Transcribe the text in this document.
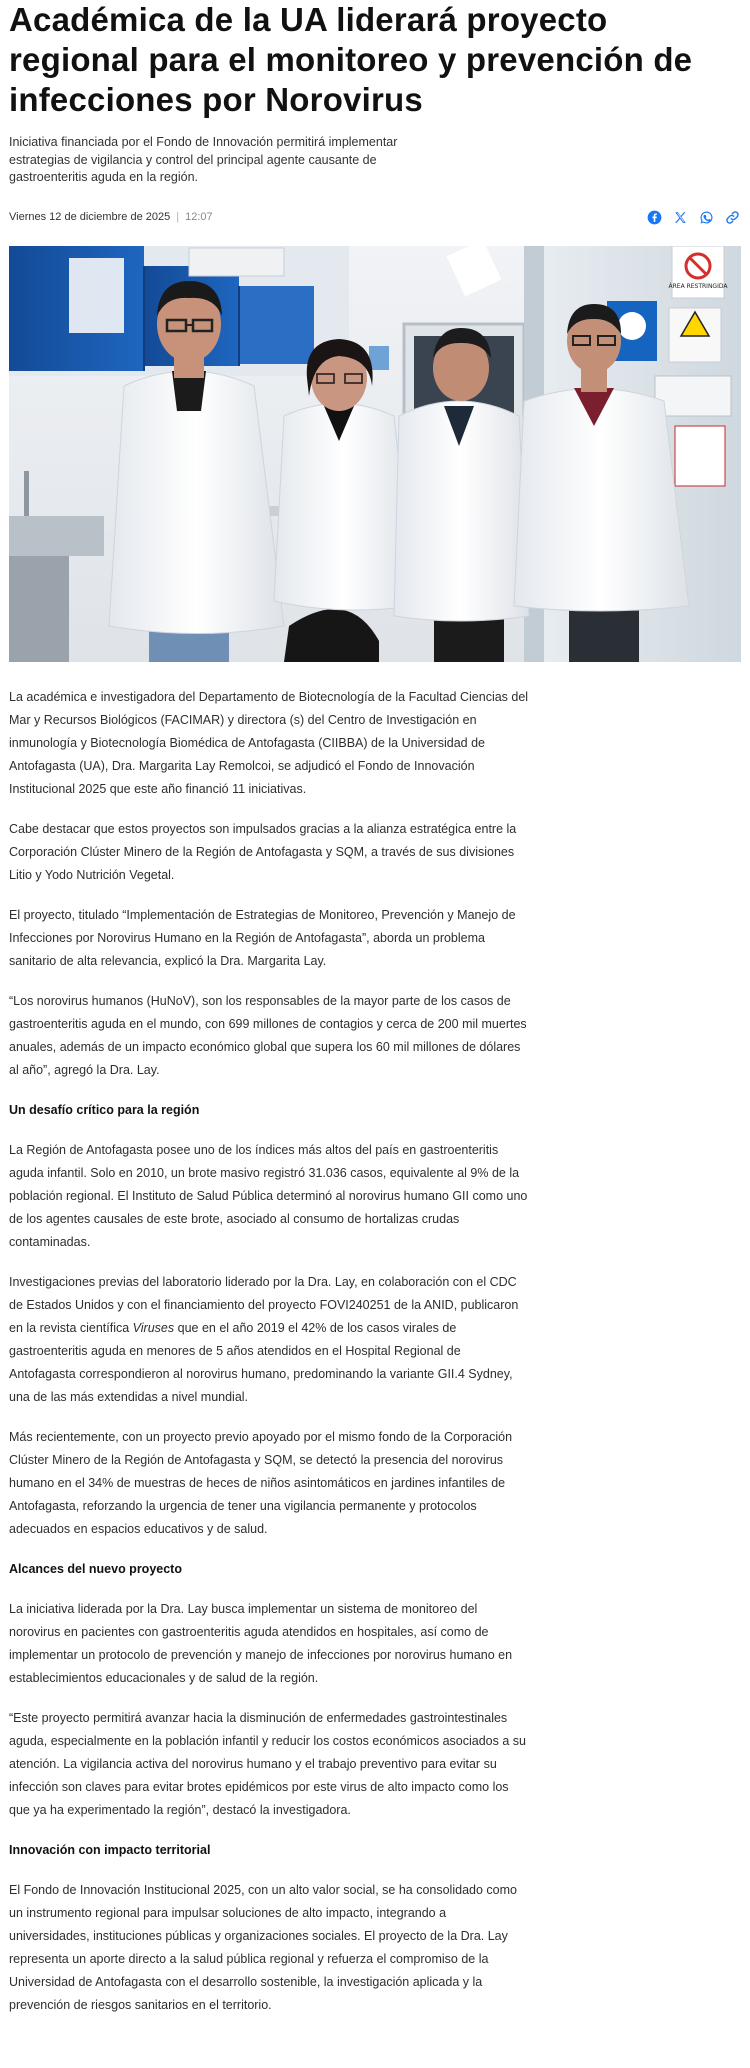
Académica de la UA liderará proyecto regional para el monitoreo y prevención de infecciones por Norovirus

Iniciativa financiada por el Fondo de Innovación permitirá implementar estrategias de vigilancia y control del principal agente causante de gastroenteritis aguda en la región.

Viernes 12 de diciembre de 2025 | 12:07
ÁREA RESTRINGIDA

La académica e investigadora del Departamento de Biotecnología de la Facultad Ciencias del Mar y Recursos Biológicos (FACIMAR) y directora (s) del Centro de Investigación en inmunología y Biotecnología Biomédica de Antofagasta (CIIBBA) de la Universidad de Antofagasta (UA), Dra. Margarita Lay Remolcoi, se adjudicó el Fondo de Innovación Institucional 2025 que este año financió 11 iniciativas.

Cabe destacar que estos proyectos son impulsados gracias a la alianza estratégica entre la Corporación Clúster Minero de la Región de Antofagasta y SQM, a través de sus divisiones Litio y Yodo Nutrición Vegetal.

El proyecto, titulado “Implementación de Estrategias de Monitoreo, Prevención y Manejo de Infecciones por Norovirus Humano en la Región de Antofagasta”, aborda un problema sanitario de alta relevancia, explicó la Dra. Margarita Lay.

“Los norovirus humanos (HuNoV), son los responsables de la mayor parte de los casos de gastroenteritis aguda en el mundo, con 699 millones de contagios y cerca de 200 mil muertes anuales, además de un impacto económico global que supera los 60 mil millones de dólares al año”, agregó la Dra. Lay.

Un desafío crítico para la región

La Región de Antofagasta posee uno de los índices más altos del país en gastroenteritis aguda infantil. Solo en 2010, un brote masivo registró 31.036 casos, equivalente al 9% de la población regional. El Instituto de Salud Pública determinó al norovirus humano GII como uno de los agentes causales de este brote, asociado al consumo de hortalizas crudas contaminadas.

Investigaciones previas del laboratorio liderado por la Dra. Lay, en colaboración con el CDC de Estados Unidos y con el financiamiento del proyecto FOVI240251 de la ANID, publicaron en la revista científica Viruses que en el año 2019 el 42% de los casos virales de gastroenteritis aguda en menores de 5 años atendidos en el Hospital Regional de Antofagasta correspondieron al norovirus humano, predominando la variante GII.4 Sydney, una de las más extendidas a nivel mundial.

Más recientemente, con un proyecto previo apoyado por el mismo fondo de la Corporación Clúster Minero de la Región de Antofagasta y SQM, se detectó la presencia del norovirus humano en el 34% de muestras de heces de niños asintomáticos en jardines infantiles de Antofagasta, reforzando la urgencia de tener una vigilancia permanente y protocolos adecuados en espacios educativos y de salud.

Alcances del nuevo proyecto

La iniciativa liderada por la Dra. Lay busca implementar un sistema de monitoreo del norovirus en pacientes con gastroenteritis aguda atendidos en hospitales, así como de implementar un protocolo de prevención y manejo de infecciones por norovirus humano en establecimientos educacionales y de salud de la región.

“Este proyecto permitirá avanzar hacia la disminución de enfermedades gastrointestinales aguda, especialmente en la población infantil y reducir los costos económicos asociados a su atención. La vigilancia activa del norovirus humano y el trabajo preventivo para evitar su infección son claves para evitar brotes epidémicos por este virus de alto impacto como los que ya ha experimentado la región”, destacó la investigadora.

Innovación con impacto territorial

El Fondo de Innovación Institucional 2025, con un alto valor social, se ha consolidado como un instrumento regional para impulsar soluciones de alto impacto, integrando a universidades, instituciones públicas y organizaciones sociales. El proyecto de la Dra. Lay representa un aporte directo a la salud pública regional y refuerza el compromiso de la Universidad de Antofagasta con el desarrollo sostenible, la investigación aplicada y la prevención de riesgos sanitarios en el territorio.
